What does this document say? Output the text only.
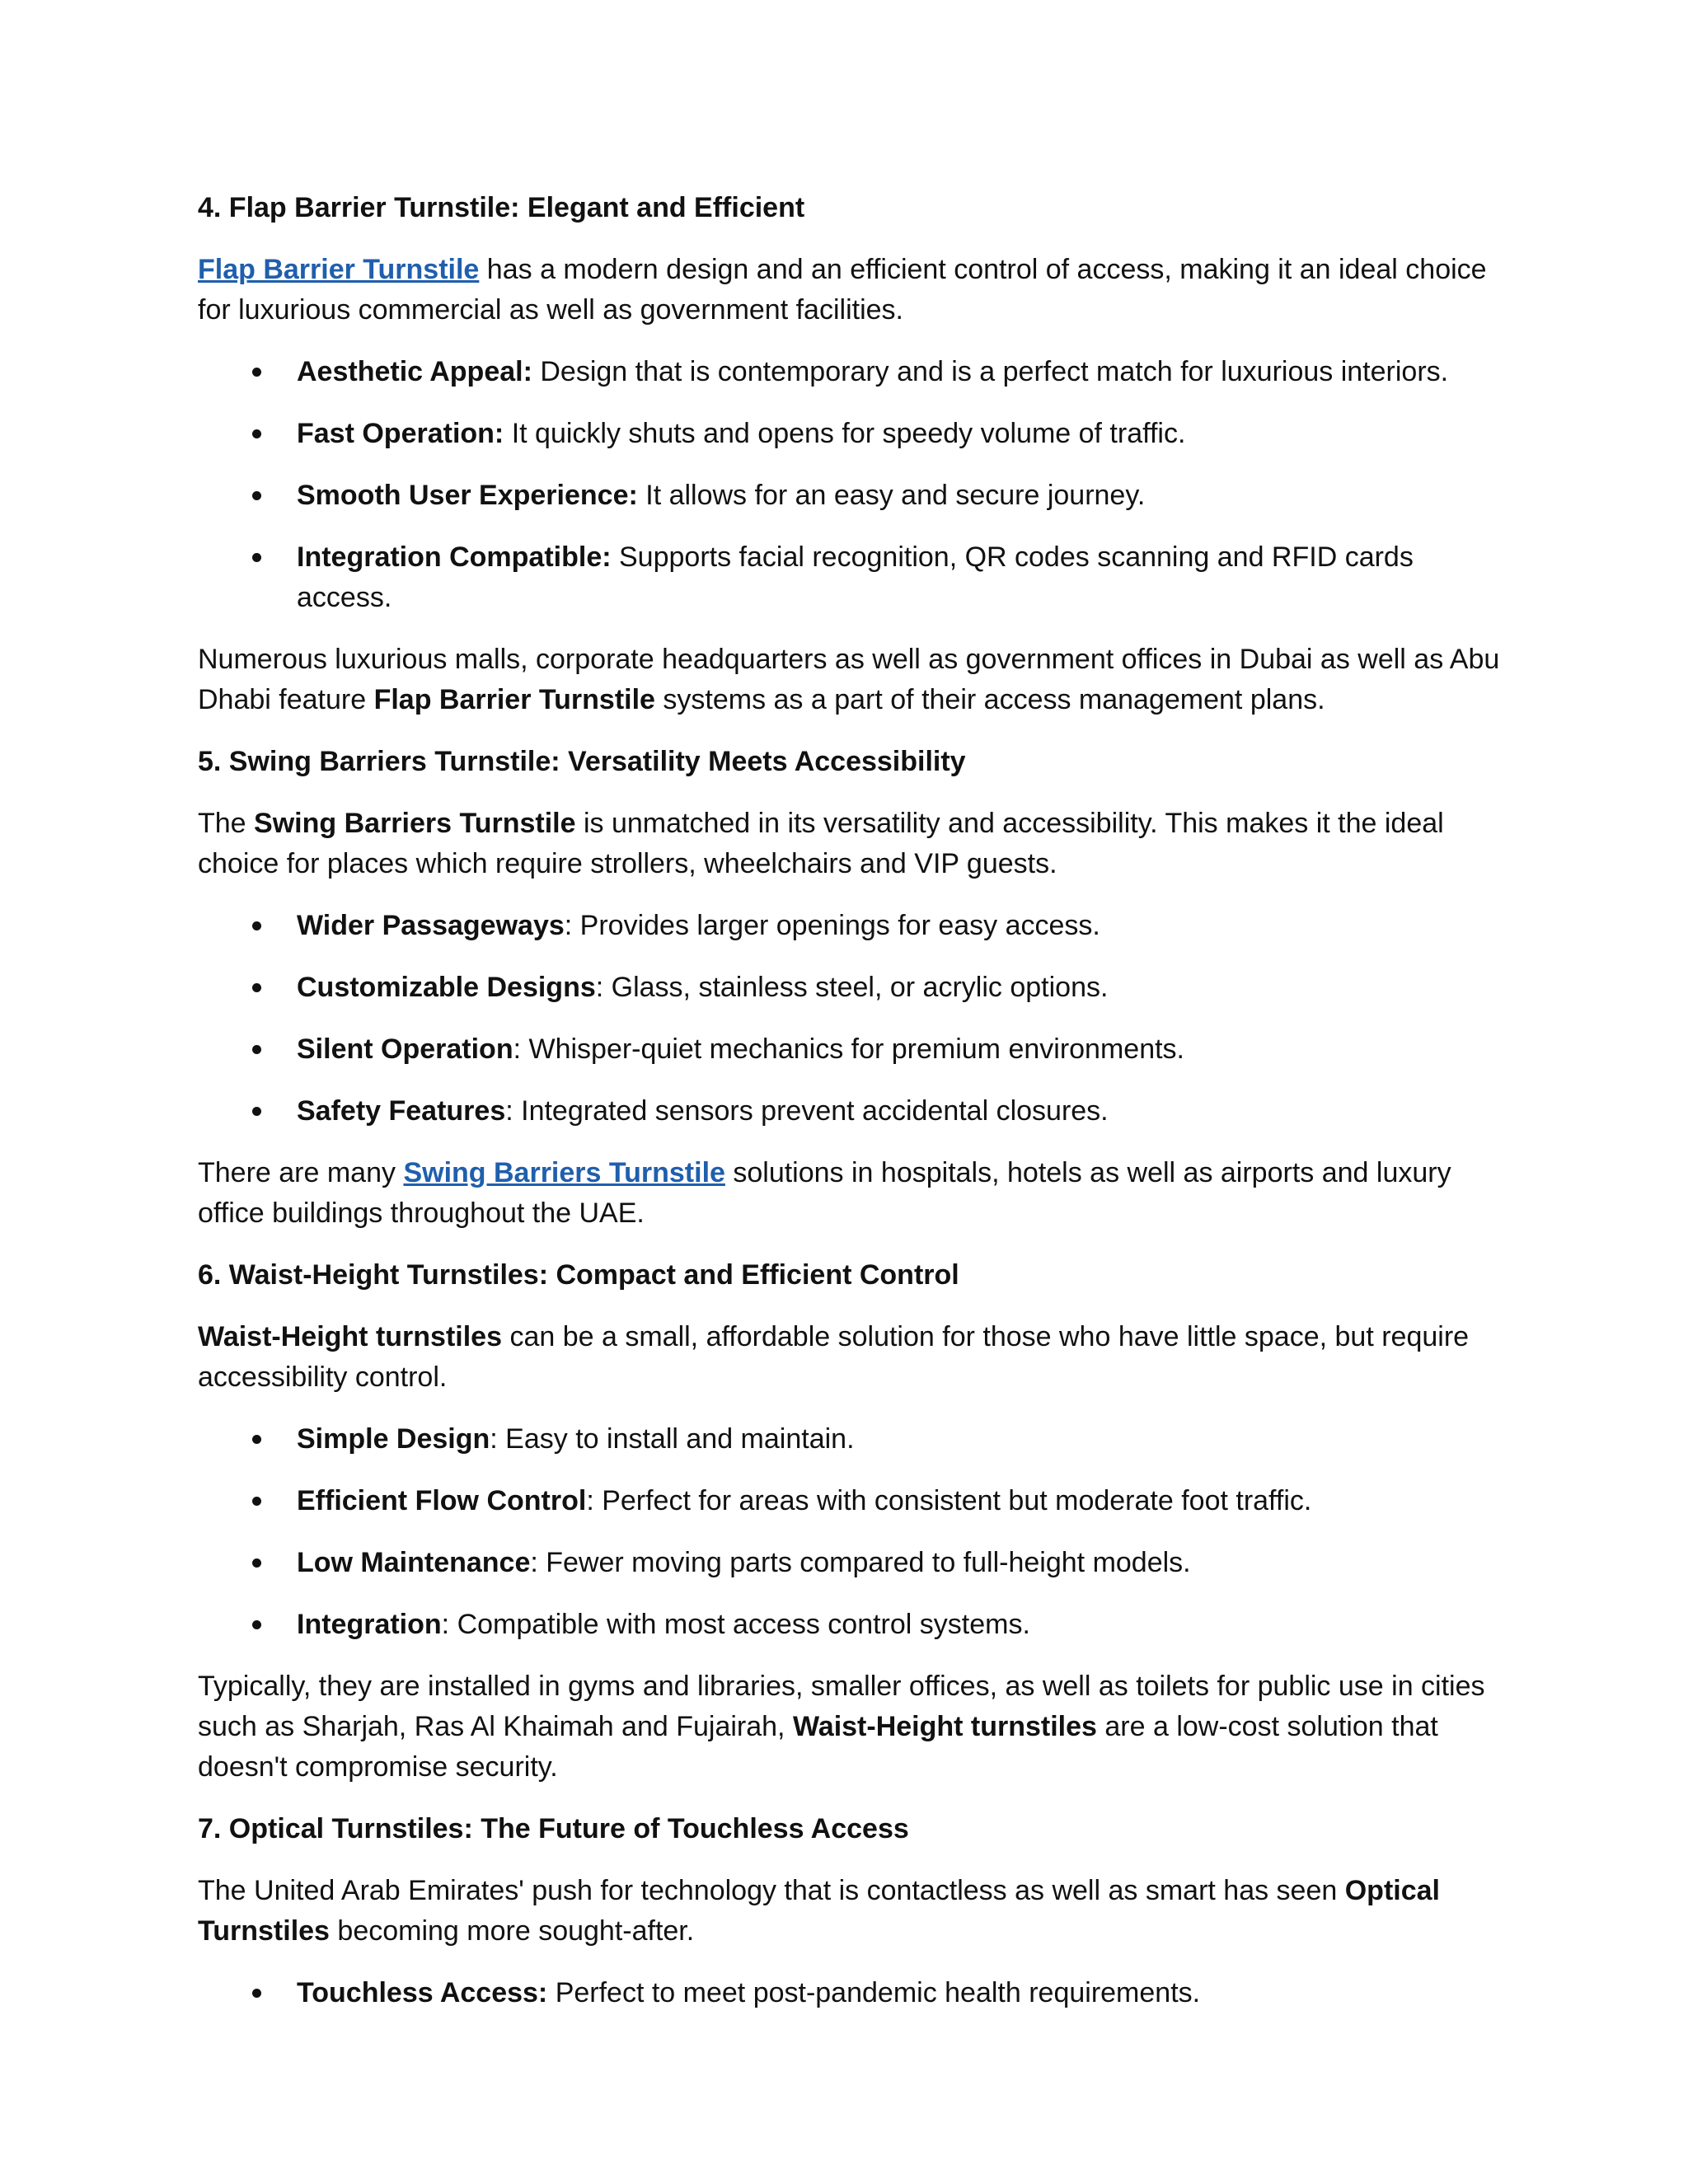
4. Flap Barrier Turnstile: Elegant and Efficient
Flap Barrier Turnstile has a modern design and an efficient control of access, making it an ideal choice for luxurious commercial as well as government facilities.
Aesthetic Appeal: Design that is contemporary and is a perfect match for luxurious interiors.
Fast Operation: It quickly shuts and opens for speedy volume of traffic.
Smooth User Experience: It allows for an easy and secure journey.
Integration Compatible: Supports facial recognition, QR codes scanning and RFID cards access.
Numerous luxurious malls, corporate headquarters as well as government offices in Dubai as well as Abu Dhabi feature Flap Barrier Turnstile systems as a part of their access management plans.
5. Swing Barriers Turnstile: Versatility Meets Accessibility
The Swing Barriers Turnstile is unmatched in its versatility and accessibility. This makes it the ideal choice for places which require strollers, wheelchairs and VIP guests.
Wider Passageways: Provides larger openings for easy access.
Customizable Designs: Glass, stainless steel, or acrylic options.
Silent Operation: Whisper-quiet mechanics for premium environments.
Safety Features: Integrated sensors prevent accidental closures.
There are many Swing Barriers Turnstile solutions in hospitals, hotels as well as airports and luxury office buildings throughout the UAE.
6. Waist-Height Turnstiles: Compact and Efficient Control
Waist-Height turnstiles can be a small, affordable solution for those who have little space, but require accessibility control.
Simple Design: Easy to install and maintain.
Efficient Flow Control: Perfect for areas with consistent but moderate foot traffic.
Low Maintenance: Fewer moving parts compared to full-height models.
Integration: Compatible with most access control systems.
Typically, they are installed in gyms and libraries, smaller offices, as well as toilets for public use in cities such as Sharjah, Ras Al Khaimah and Fujairah, Waist-Height turnstiles are a low-cost solution that doesn't compromise security.
7. Optical Turnstiles: The Future of Touchless Access
The United Arab Emirates' push for technology that is contactless as well as smart has seen Optical Turnstiles becoming more sought-after.
Touchless Access: Perfect to meet post-pandemic health requirements.
